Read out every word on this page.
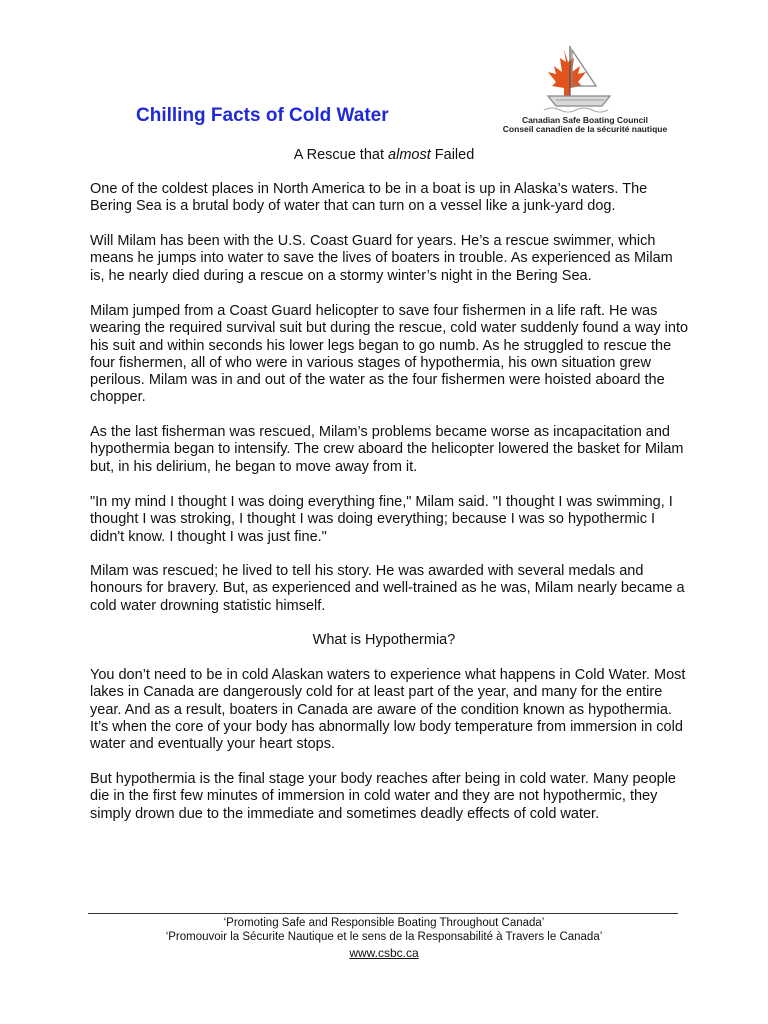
Chilling Facts of Cold Water	Canadian Safe Boating Council
Conseil canadien de la sécurité nautique
A Rescue that almost Failed
One of the coldest places in North America to be in a boat is up in Alaska’s waters. The Bering Sea is a brutal body of water that can turn on a vessel like a junk-yard dog.
Will Milam has been with the U.S. Coast Guard for years. He’s a rescue swimmer, which means he jumps into water to save the lives of boaters in trouble. As experienced as Milam is, he nearly died during a rescue on a stormy winter’s night in the Bering Sea.
Milam jumped from a Coast Guard helicopter to save four fishermen in a life raft. He was wearing the required survival suit but during the rescue, cold water suddenly found a way into his suit and within seconds his lower legs began to go numb. As he struggled to rescue the four fishermen, all of who were in various stages of hypothermia, his own situation grew perilous. Milam was in and out of the water as the four fishermen were hoisted aboard the chopper.
As the last fisherman was rescued, Milam’s problems became worse as incapacitation and hypothermia began to intensify. The crew aboard the helicopter lowered the basket for Milam but, in his delirium, he began to move away from it.
"In my mind I thought I was doing everything fine," Milam said. "I thought I was swimming, I thought I was stroking, I thought I was doing everything; because I was so hypothermic I didn't know. I thought I was just fine."
Milam was rescued; he lived to tell his story. He was awarded with several medals and honours for bravery. But, as experienced and well-trained as he was, Milam nearly became a cold water drowning statistic himself.
What is Hypothermia?
You don’t need to be in cold Alaskan waters to experience what happens in Cold Water. Most lakes in Canada are dangerously cold for at least part of the year, and many for the entire year. And as a result, boaters in Canada are aware of the condition known as hypothermia. It’s when the core of your body has abnormally low body temperature from immersion in cold water and eventually your heart stops.
But hypothermia is the final stage your body reaches after being in cold water. Many people die in the first few minutes of immersion in cold water and they are not hypothermic, they simply drown due to the immediate and sometimes deadly effects of cold water.
‘Promoting Safe and Responsible Boating Throughout Canada’
‘Promouvoir la Sécurite Nautique et le sens de la Responsabilité à Travers le Canada’
www.csbc.ca
